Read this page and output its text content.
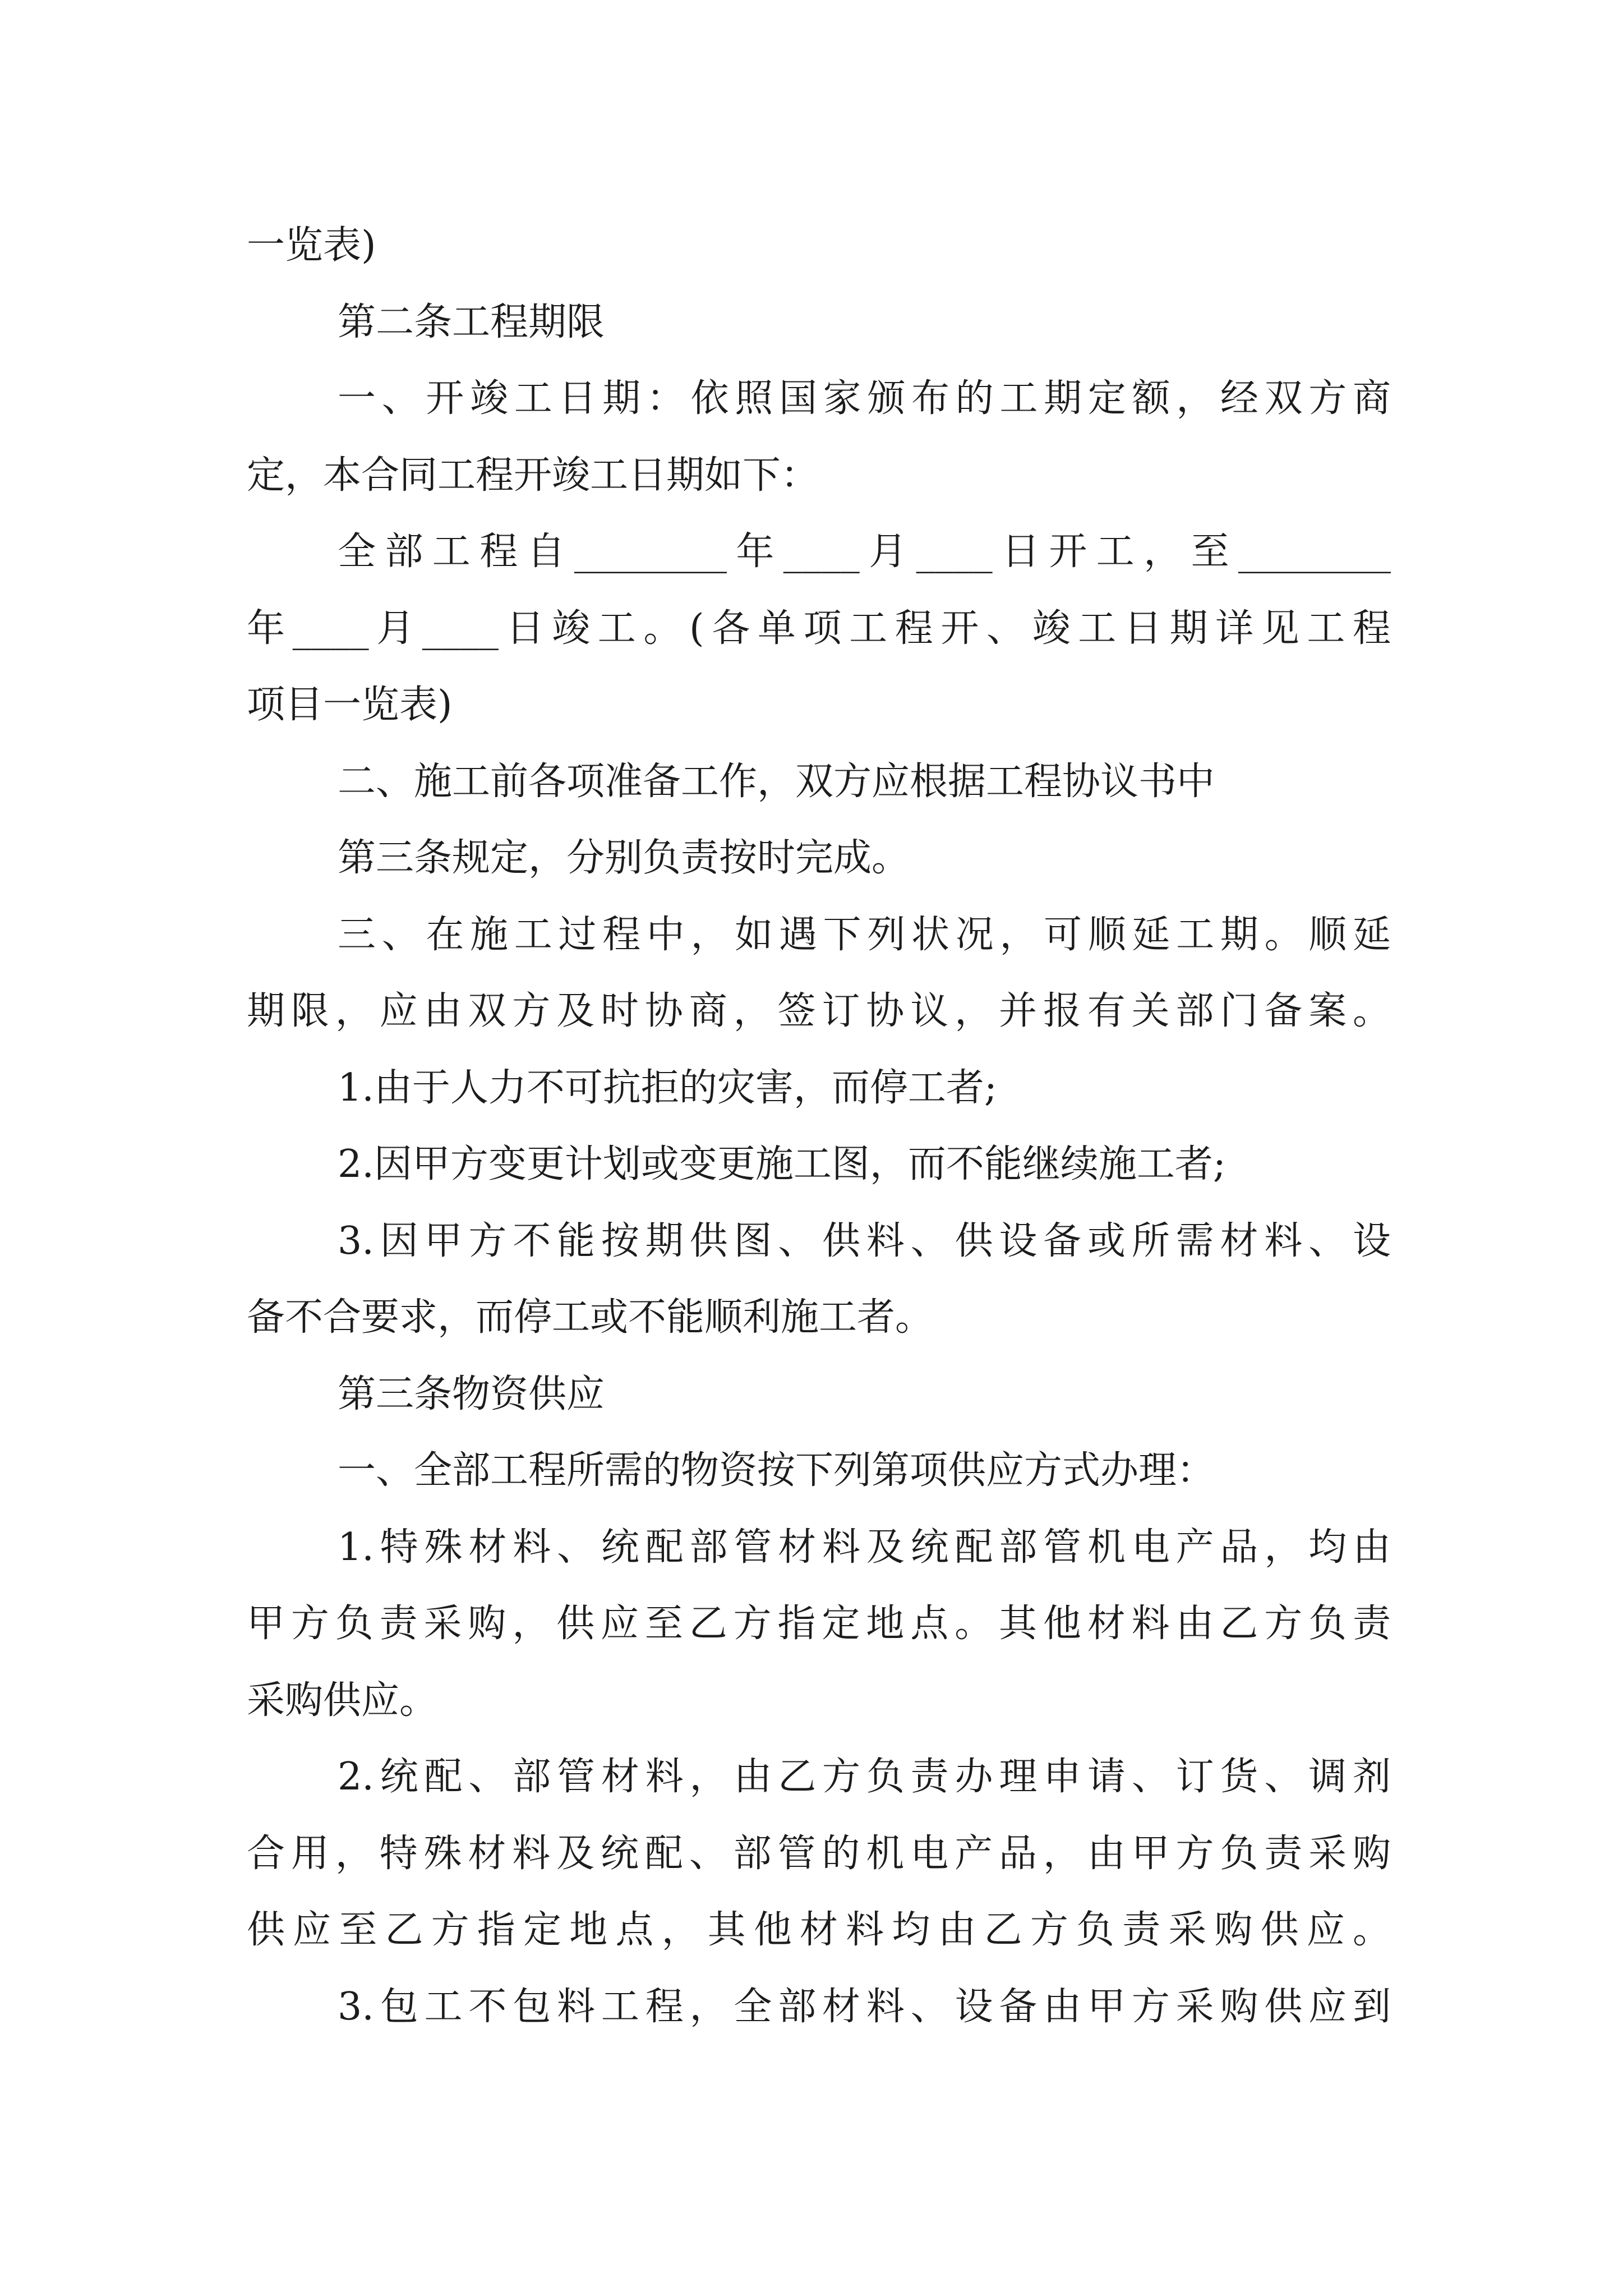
一览表)
第二条工程期限
一、开竣工日期：依照国家颁布的工期定额，经双方商
定，本合同工程开竣工日期如下：
全部工程自________年____月____日开工，至________
年____月____日竣工。(各单项工程开、竣工日期详见工程
项目一览表)
二、施工前各项准备工作，双方应根据工程协议书中
第三条规定，分别负责按时完成。
三、在施工过程中，如遇下列状况，可顺延工期。顺延
期限，应由双方及时协商，签订协议，并报有关部门备案。
1.由于人力不可抗拒的灾害，而停工者;
2.因甲方变更计划或变更施工图，而不能继续施工者;
3.因甲方不能按期供图、供料、供设备或所需材料、设
备不合要求，而停工或不能顺利施工者。
第三条物资供应
一、全部工程所需的物资按下列第项供应方式办理：
1.特殊材料、统配部管材料及统配部管机电产品，均由
甲方负责采购，供应至乙方指定地点。其他材料由乙方负责
采购供应。
2.统配、部管材料，由乙方负责办理申请、订货、调剂
合用，特殊材料及统配、部管的机电产品，由甲方负责采购
供应至乙方指定地点，其他材料均由乙方负责采购供应。
3.包工不包料工程，全部材料、设备由甲方采购供应到
